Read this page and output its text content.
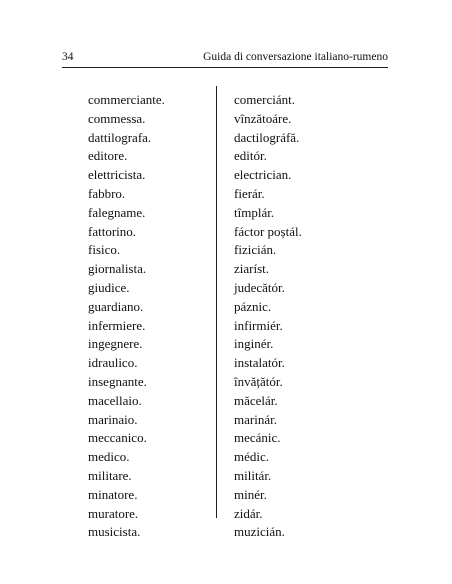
34	Guida di conversazione italiano-rumeno
commerciante.
commessa.
dattilografa.
editore.
elettricista.
fabbro.
falegname.
fattorino.
fisico.
giornalista.
giudice.
guardiano.
infermiere.
ingegnere.
idraulico.
insegnante.
macellaio.
marinaio.
meccanico.
medico.
militare.
minatore.
muratore.
musicista.
comerciánt.
vînzătoáre.
dactilográfă.
editór.
electrician.
fierár.
tîmplár.
fáctor poștál.
fizicián.
ziaríst.
judecătór.
páznic.
infirmiér.
inginér.
instalatór.
învățătór.
măcelár.
marinár.
mecánic.
médic.
militár.
minér.
zidár.
muzicián.
